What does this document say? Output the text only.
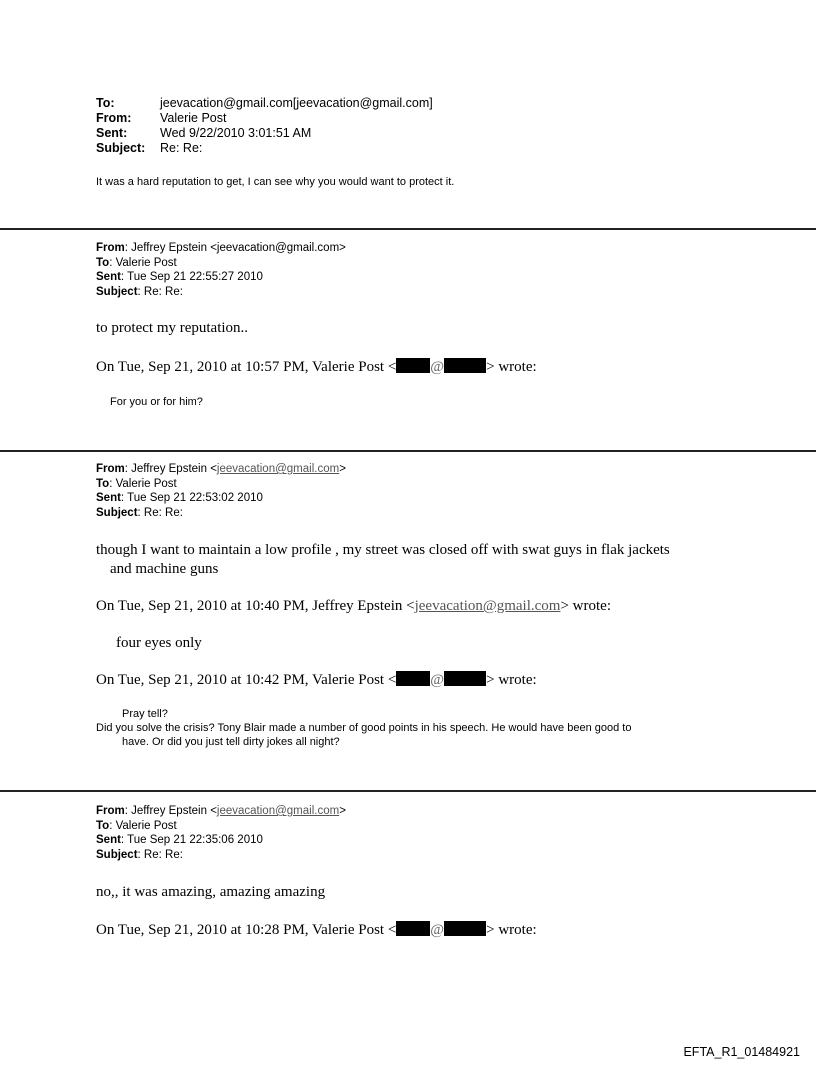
To:	jeevacation@gmail.com[jeevacation@gmail.com]
From:	Valerie Post
Sent:	Wed 9/22/2010 3:01:51 AM
Subject:	Re: Re:
It was a hard reputation to get, I can see why you would want to protect it.
From: Jeffrey Epstein <jeevacation@gmail.com>
To: Valerie Post
Sent: Tue Sep 21 22:55:27 2010
Subject: Re: Re:
to protect my reputation..
On Tue, Sep 21, 2010 at 10:57 PM, Valerie Post < @	> wrote:
For you or for him?
From: Jeffrey Epstein <jeevacation@gmail.com>
To: Valerie Post
Sent: Tue Sep 21 22:53:02 2010
Subject: Re: Re:
though I want to maintain a low profile , my street was closed off with swat guys in flak jackets
and machine guns
On Tue, Sep 21, 2010 at 10:40 PM, Jeffrey Epstein <jeevacation@gmail.com> wrote:
four eyes only
On Tue, Sep 21, 2010 at 10:42 PM, Valerie Post < @	> wrote:
Pray tell?
Did you solve the crisis? Tony Blair made a number of good points in his speech. He would have been good to
have. Or did you just tell dirty jokes all night?
From: Jeffrey Epstein <jeevacation@gmail.com>
To: Valerie Post
Sent: Tue Sep 21 22:35:06 2010
Subject: Re: Re:
no,, it was amazing, amazing amazing
On Tue, Sep 21, 2010 at 10:28 PM, Valerie Post < @	> wrote:
EFTA_R1_01484921
